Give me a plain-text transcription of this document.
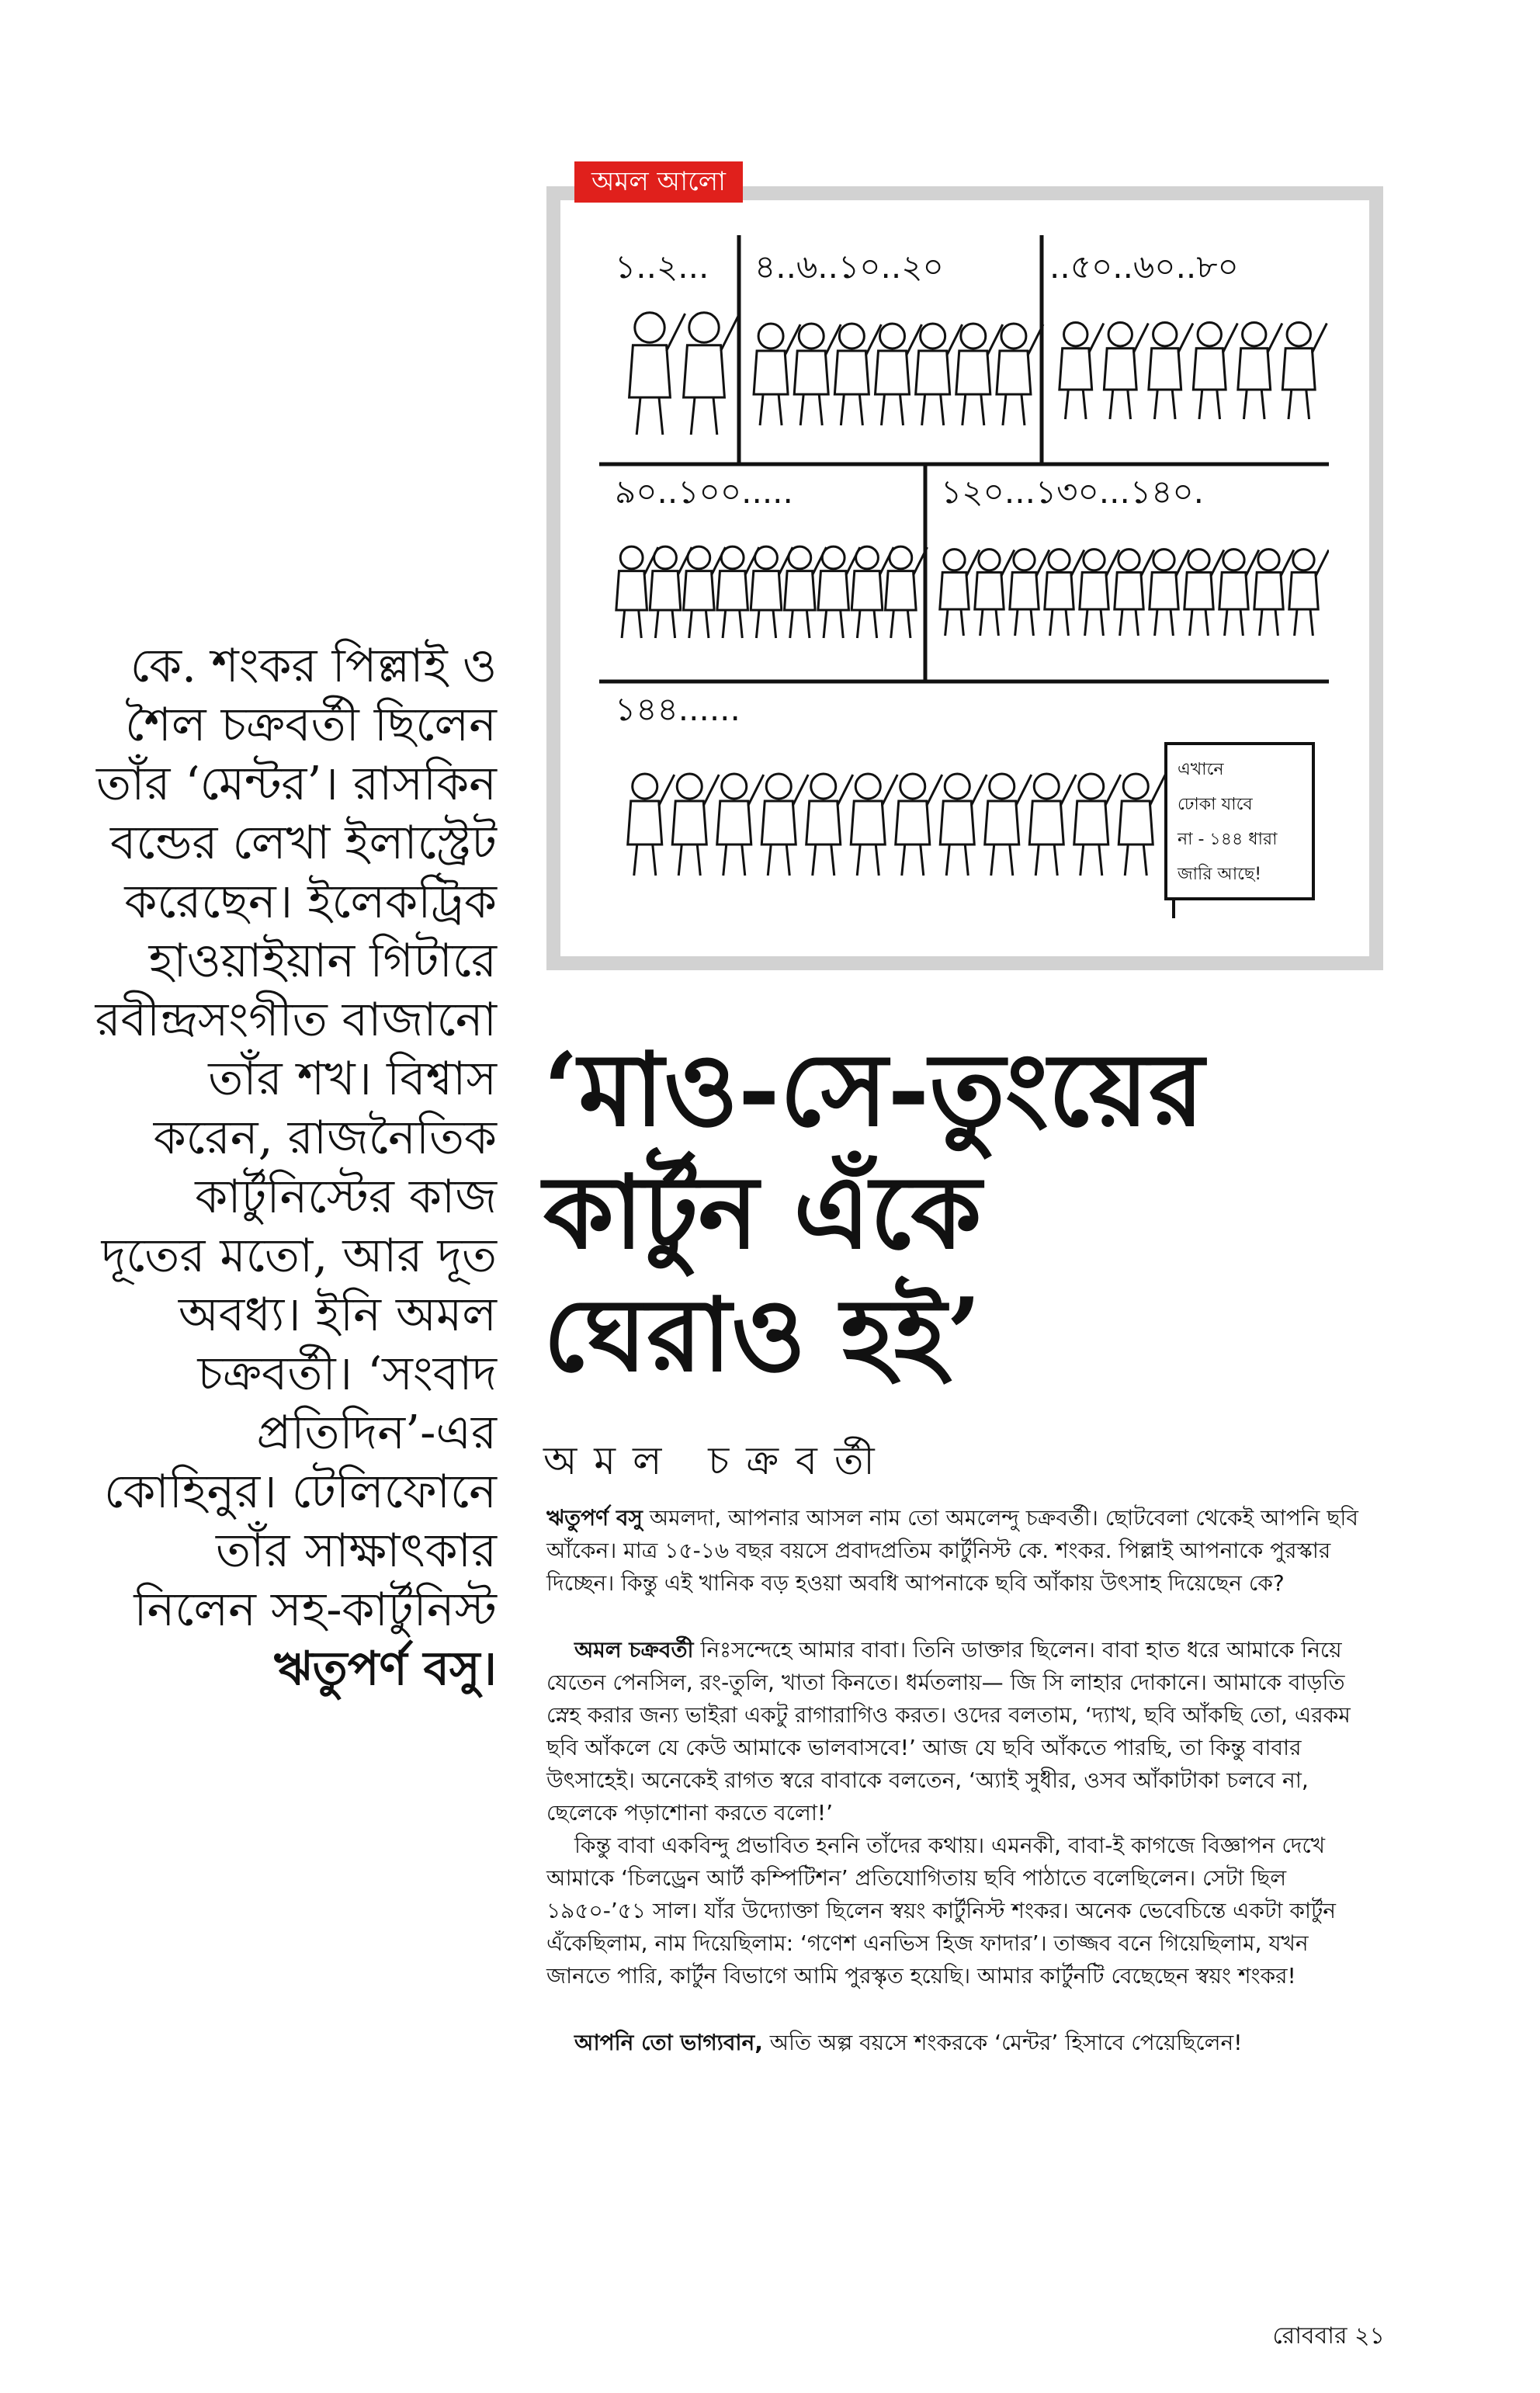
অমল আলো
১..২... ৪..৬..১০..২০	..৫০..৬০..৮০
৯০..১০০.....	১২০...১৩০...১৪০.
১৪৪......
এখানে
ঢোকা যাবে
না - ১৪৪ ধারা
জারি আছে!
কে. শংকর পিল্লাই ও শৈল চক্রবর্তী ছিলেন তাঁর ‘মেন্টর’। রাসকিন বন্ডের লেখা ইলাস্ট্রেট করেছেন। ইলেকট্রিক হাওয়াইয়ান গিটারে রবীন্দ্রসংগীত বাজানো তাঁর শখ। বিশ্বাস করেন, রাজনৈতিক কার্টুনিস্টের কাজ দূতের মতো, আর দূত অবধ্য। ইনি অমল চক্রবর্তী। ‘সংবাদ প্রতিদিন’-এর কোহিনুর। টেলিফোনে তাঁর সাক্ষাৎকার নিলেন সহ-কার্টুনিস্ট ঋতুপর্ণ বসু।
‘মাও-সে-তুংয়ের
কার্টুন এঁকে
ঘেরাও হই’
অমল চক্রবর্তী

ঋতুপর্ণ বসু অমলদা, আপনার আসল নাম তো অমলেন্দু চক্রবর্তী। ছোটবেলা থেকেই আপনি ছবি আঁকেন। মাত্র ১৫-১৬ বছর বয়সে প্রবাদপ্রতিম কার্টুনিস্ট কে. শংকর. পিল্লাই আপনাকে পুরস্কার দিচ্ছেন। কিন্তু এই খানিক বড় হওয়া অবধি আপনাকে ছবি আঁকায় উৎসাহ দিয়েছেন কে?

অমল চক্রবর্তী নিঃসন্দেহে আমার বাবা। তিনি ডাক্তার ছিলেন। বাবা হাত ধরে আমাকে নিয়ে যেতেন পেনসিল, রং-তুলি, খাতা কিনতে। ধর্মতলায়— জি সি লাহার দোকানে। আমাকে বাড়তি স্নেহ করার জন্য ভাইরা একটু রাগারাগিও করত। ওদের বলতাম, ‘দ্যাখ, ছবি আঁকছি তো, এরকম ছবি আঁকলে যে কেউ আমাকে ভালবাসবে!’ আজ যে ছবি আঁকতে পারছি, তা কিন্তু বাবার উৎসাহেই। অনেকেই রাগত স্বরে বাবাকে বলতেন, ‘অ্যাই সুধীর, ওসব আঁকাটাকা চলবে না, ছেলেকে পড়াশোনা করতে বলো!’

কিন্তু বাবা একবিন্দু প্রভাবিত হননি তাঁদের কথায়। এমনকী, বাবা-ই কাগজে বিজ্ঞাপন দেখে আমাকে ‘চিলড্রেন আর্ট কম্পিটিশন’ প্রতিযোগিতায় ছবি পাঠাতে বলেছিলেন। সেটা ছিল ১৯৫০-’৫১ সাল। যাঁর উদ্যোক্তা ছিলেন স্বয়ং কার্টুনিস্ট শংকর। অনেক ভেবেচিন্তে একটা কার্টুন এঁকেছিলাম, নাম দিয়েছিলাম: ‘গণেশ এনভিস হিজ ফাদার’। তাজ্জব বনে গিয়েছিলাম, যখন জানতে পারি, কার্টুন বিভাগে আমি পুরস্কৃত হয়েছি। আমার কার্টুনটি বেছেছেন স্বয়ং শংকর!

আপনি তো ভাগ্যবান, অতি অল্প বয়সে শংকরকে ‘মেন্টর’ হিসাবে পেয়েছিলেন!

রোববার ২১
